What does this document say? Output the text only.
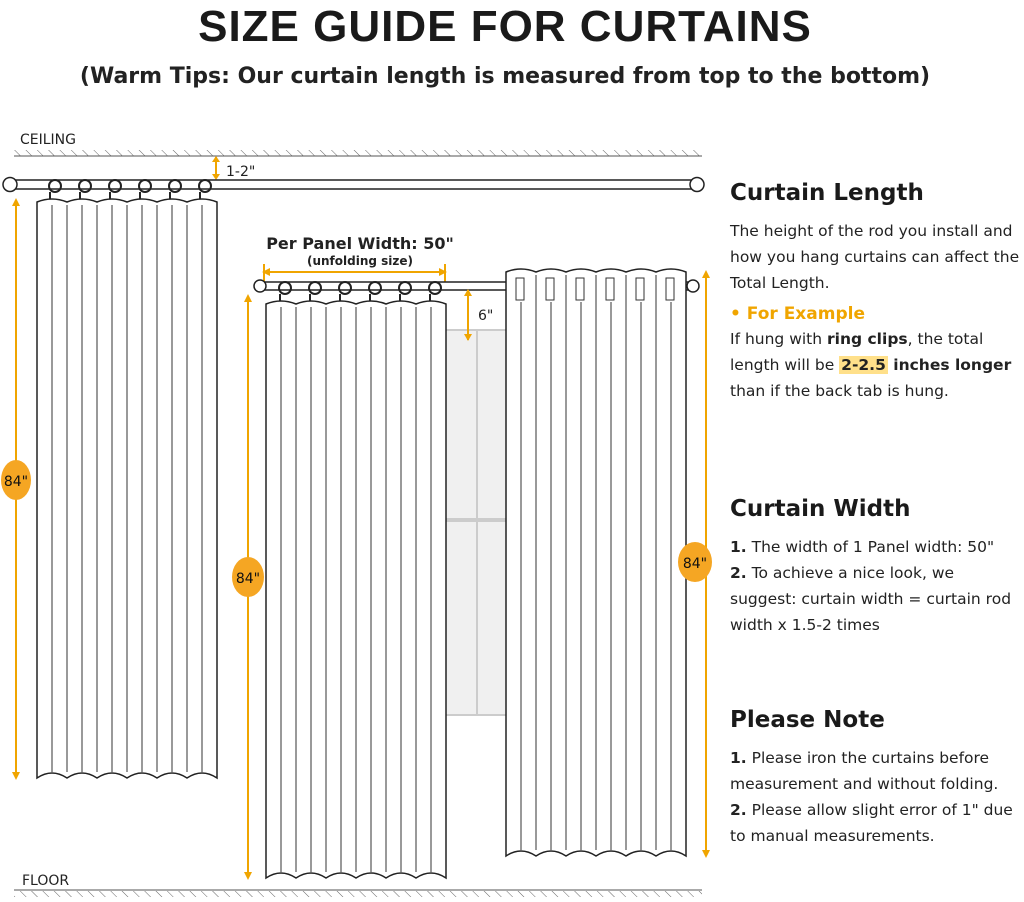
SIZE GUIDE FOR CURTAINS

(Warm Tips: Our curtain length is measured from top to the bottom)

CEILING
FLOOR
1-2"
84"
Per Panel Width: 50"
(unfolding size)
6"
84"
84"
Curtain Length

The height of the rod you install and how you hang curtains can affect the Total Length.

• For Example

If hung with ring clips, the total length will be 2-2.5 inches longer than if the back tab is hung.

Curtain Width

1. The width of 1 Panel width: 50"

2. To achieve a nice look, we suggest: curtain width = curtain rod width x 1.5-2 times

Please Note

1. Please iron the curtains before measurement and without folding.

2. Please allow slight error of 1" due to manual measurements.
